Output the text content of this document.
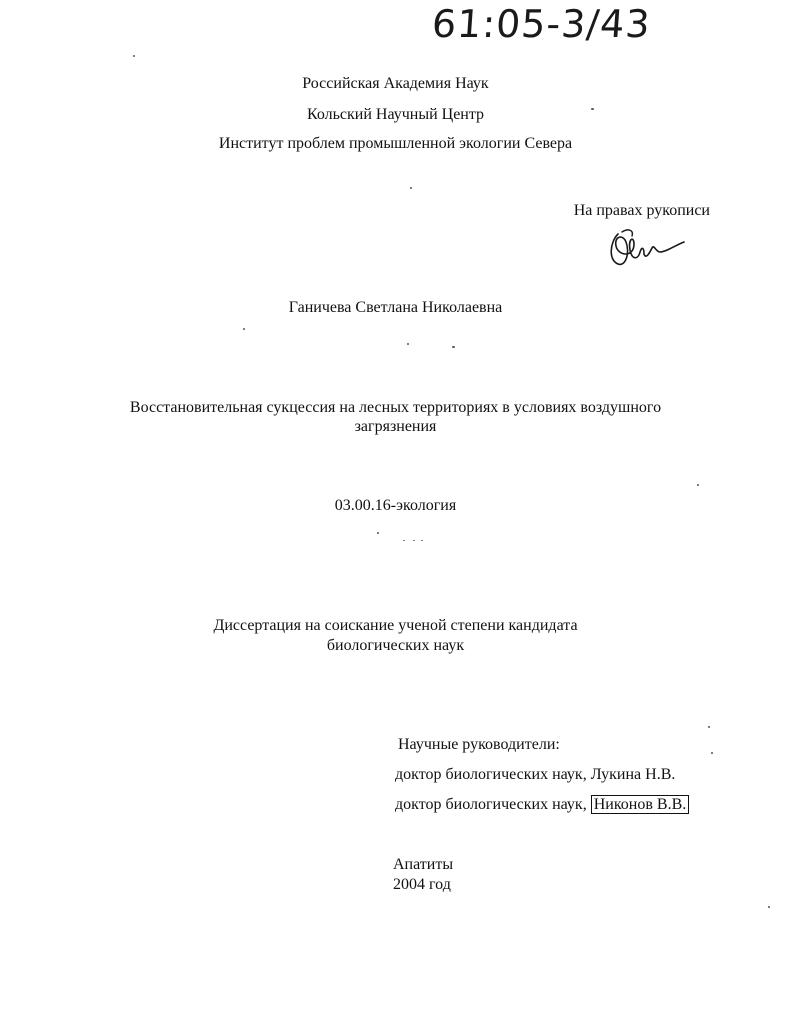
61:05-3/43
Российская Академия Наук
Кольский Научный Центр
Институт проблем промышленной экологии Севера
На правах рукописи
Ганичева Светлана Николаевна
Восстановительная сукцессия на лесных территориях в условиях воздушного
загрязнения
03.00.16-экология
Диссертация на соискание ученой степени кандидата
биологических наук
Научные руководители:
доктор биологических наук, Лукина Н.В.
доктор биологических наук, Никонов В.В.
Апатиты
2004 год
